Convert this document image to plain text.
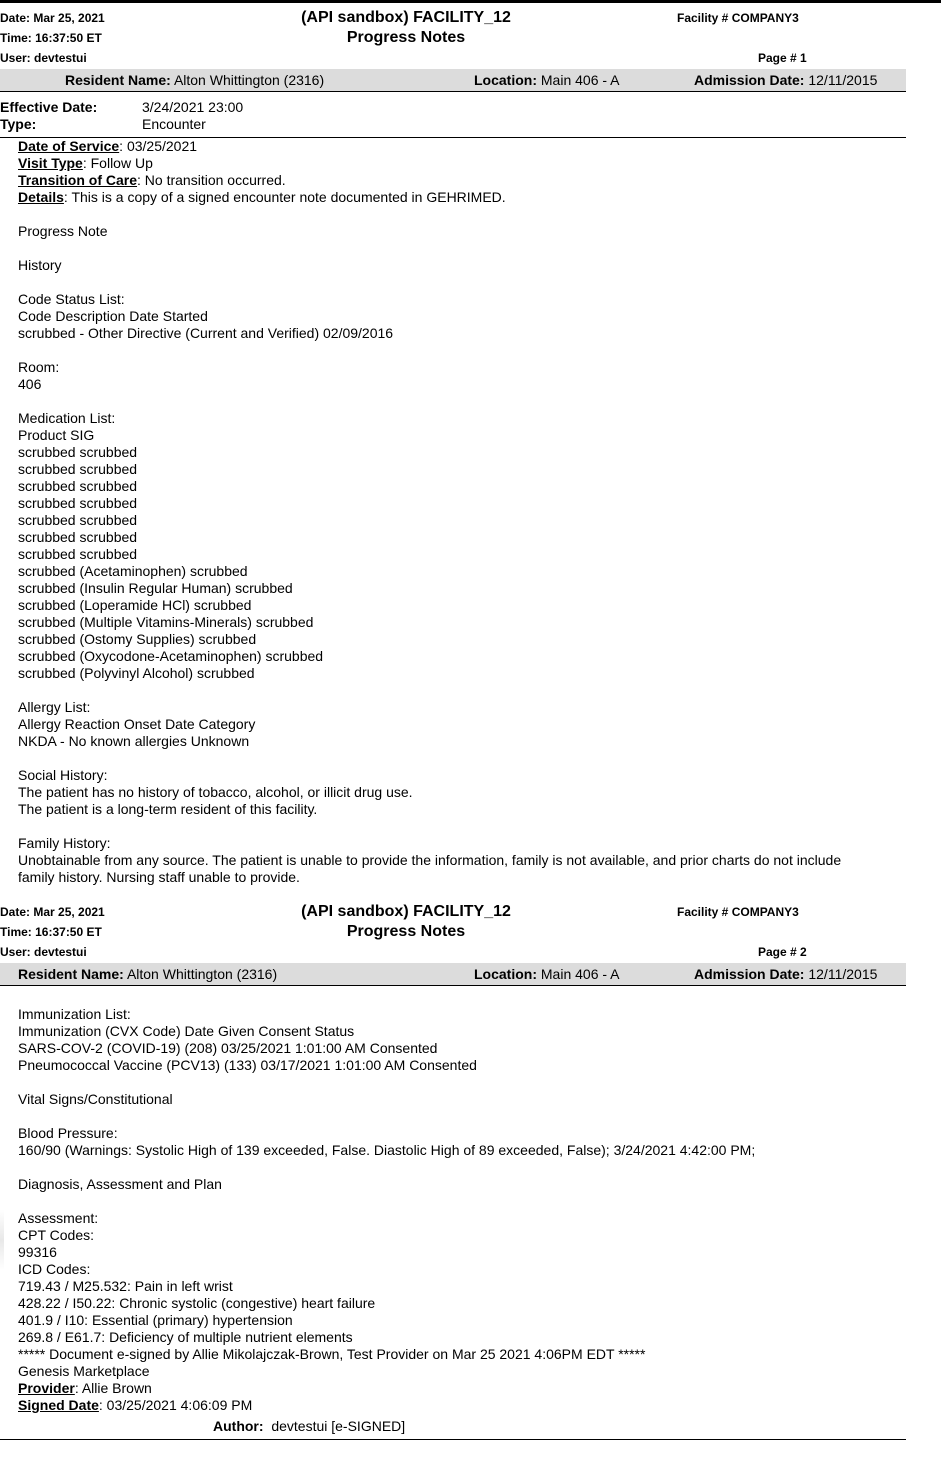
Date: Mar 25, 2021
Time: 16:37:50 ET
User: devtestui
(API sandbox) FACILITY_12
Progress Notes
Facility # COMPANY3
Page # 1
Resident Name: Alton Whittington (2316)	Location: Main 406 - A	Admission Date: 12/11/2015
Effective Date:	3/24/2021 23:00
Type:	Encounter
Date of Service: 03/25/2021
Visit Type: Follow Up
Transition of Care: No transition occurred.
Details: This is a copy of a signed encounter note documented in GEHRIMED.
Progress Note
History
Code Status List:
Code Description Date Started
scrubbed - Other Directive (Current and Verified) 02/09/2016
Room:
406
Medication List:
Product SIG
scrubbed scrubbed
scrubbed scrubbed
scrubbed scrubbed
scrubbed scrubbed
scrubbed scrubbed
scrubbed scrubbed
scrubbed scrubbed
scrubbed (Acetaminophen) scrubbed
scrubbed (Insulin Regular Human) scrubbed
scrubbed (Loperamide HCl) scrubbed
scrubbed (Multiple Vitamins-Minerals) scrubbed
scrubbed (Ostomy Supplies) scrubbed
scrubbed (Oxycodone-Acetaminophen) scrubbed
scrubbed (Polyvinyl Alcohol) scrubbed
Allergy List:
Allergy Reaction Onset Date Category
NKDA - No known allergies Unknown
Social History:
The patient has no history of tobacco, alcohol, or illicit drug use.
The patient is a long-term resident of this facility.
Family History:
Unobtainable from any source. The patient is unable to provide the information, family is not available, and prior charts do not include
family history. Nursing staff unable to provide.
Date: Mar 25, 2021
Time: 16:37:50 ET
User: devtestui
(API sandbox) FACILITY_12
Progress Notes
Facility # COMPANY3
Page # 2
Resident Name: Alton Whittington (2316)	Location: Main 406 - A	Admission Date: 12/11/2015
Immunization List:
Immunization (CVX Code) Date Given Consent Status
SARS-COV-2 (COVID-19) (208) 03/25/2021 1:01:00 AM Consented
Pneumococcal Vaccine (PCV13) (133) 03/17/2021 1:01:00 AM Consented
Vital Signs/Constitutional
Blood Pressure:
160/90 (Warnings: Systolic High of 139 exceeded, False. Diastolic High of 89 exceeded, False); 3/24/2021 4:42:00 PM;
Diagnosis, Assessment and Plan
Assessment:
CPT Codes:
99316
ICD Codes:
719.43 / M25.532: Pain in left wrist
428.22 / I50.22: Chronic systolic (congestive) heart failure
401.9 / I10: Essential (primary) hypertension
269.8 / E61.7: Deficiency of multiple nutrient elements
***** Document e-signed by Allie Mikolajczak-Brown, Test Provider on Mar 25 2021 4:06PM EDT *****
Genesis Marketplace
Provider: Allie Brown
Signed Date: 03/25/2021 4:06:09 PM
Author: devtestui [e-SIGNED]
